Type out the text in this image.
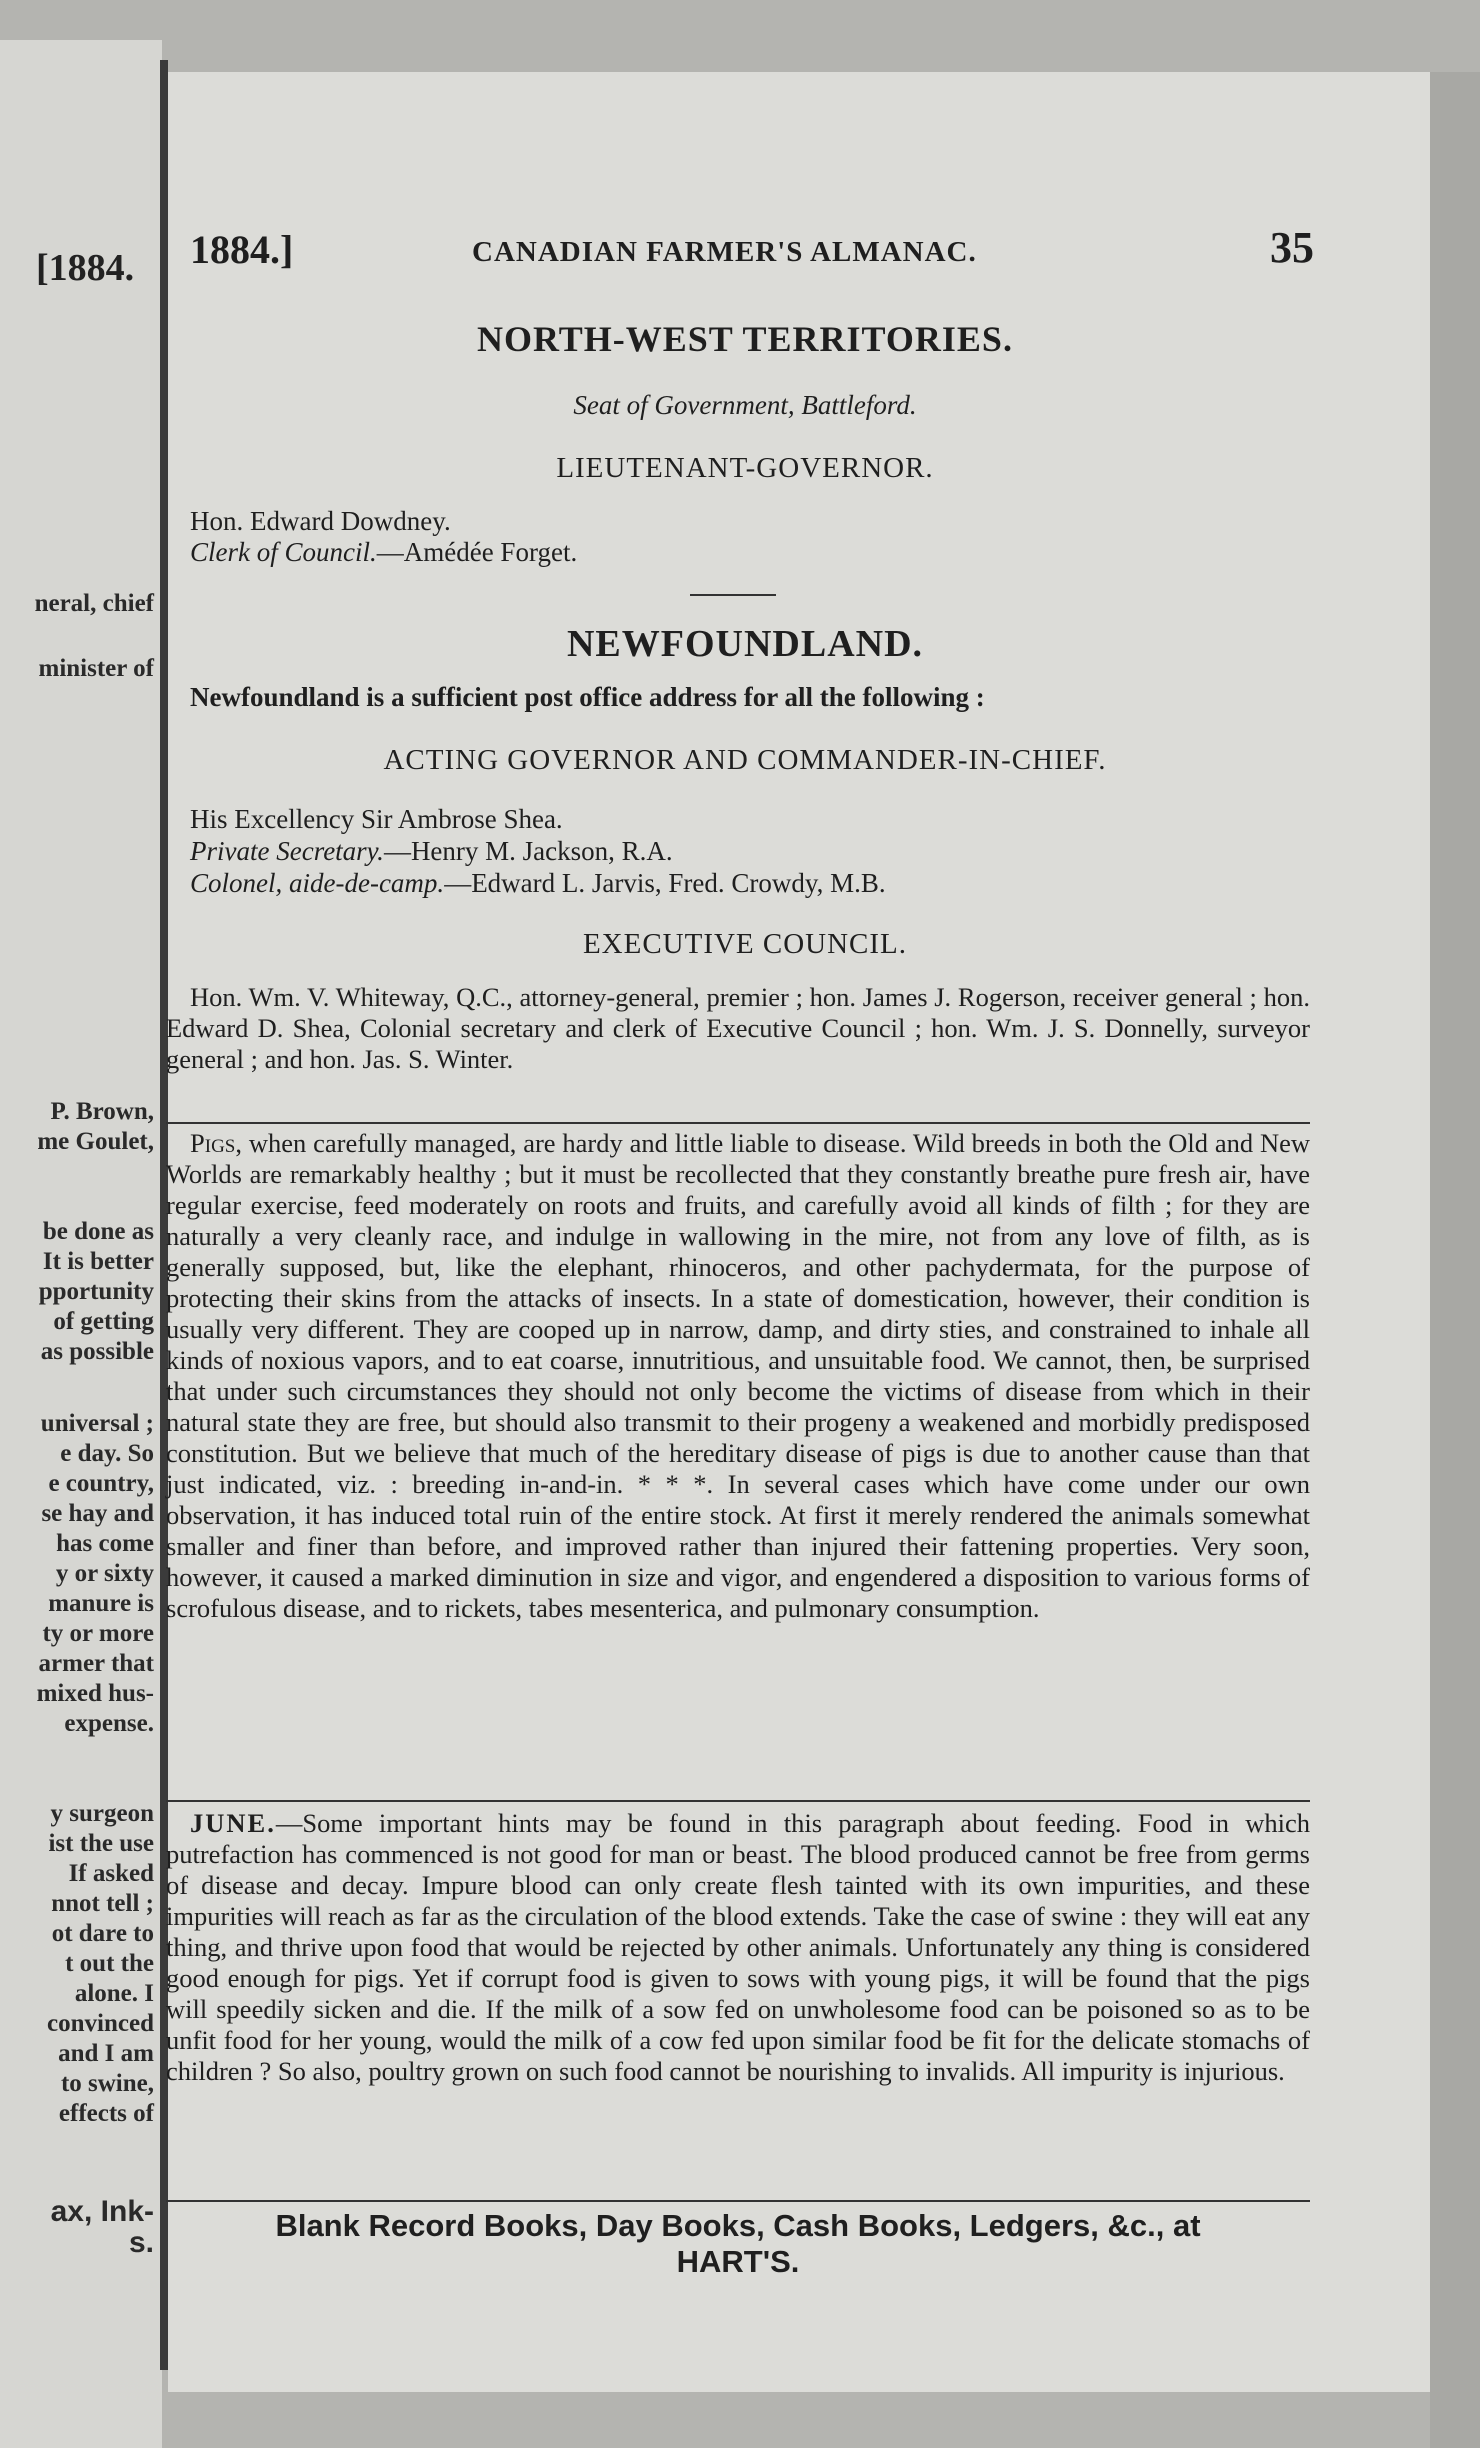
[1884.
neral, chief
minister of
P. Brown,
me Goulet,
be done as
It is better
pportunity
of getting
as possible
universal ;
e day. So
e country,
se hay and
has come
y or sixty
manure is
ty or more
armer that
mixed hus-
expense.
y surgeon
ist the use
If asked
nnot tell ;
ot dare to
t out the
alone. I
convinced
and I am
to swine,
effects of
ax, Ink-
s.
1884.]	CANADIAN FARMER'S ALMANAC.	35
NORTH-WEST TERRITORIES.
Seat of Government, Battleford.
LIEUTENANT-GOVERNOR.
Hon. Edward Dowdney.
Clerk of Council.—Amédée Forget.
NEWFOUNDLAND.
Newfoundland is a sufficient post office address for all the following :
ACTING GOVERNOR AND COMMANDER-IN-CHIEF.
His Excellency Sir Ambrose Shea.
Private Secretary.—Henry M. Jackson, R.A.
Colonel, aide-de-camp.—Edward L. Jarvis, Fred. Crowdy, M.B.
EXECUTIVE COUNCIL.
Hon. Wm. V. Whiteway, Q.C., attorney-general, premier ; hon. James J. Rogerson, receiver general ; hon. Edward D. Shea, Colonial secretary and clerk of Executive Council ; hon. Wm. J. S. Donnelly, surveyor general ; and hon. Jas. S. Winter.
Pigs, when carefully managed, are hardy and little liable to disease. Wild breeds in both the Old and New Worlds are remarkably healthy ; but it must be recollected that they constantly breathe pure fresh air, have regular exercise, feed moderately on roots and fruits, and carefully avoid all kinds of filth ; for they are naturally a very cleanly race, and indulge in wallowing in the mire, not from any love of filth, as is generally supposed, but, like the elephant, rhinoceros, and other pachydermata, for the purpose of protecting their skins from the attacks of insects. In a state of domestication, however, their condition is usually very different. They are cooped up in narrow, damp, and dirty sties, and constrained to inhale all kinds of noxious vapors, and to eat coarse, innutritious, and unsuitable food. We cannot, then, be surprised that under such circumstances they should not only become the victims of disease from which in their natural state they are free, but should also transmit to their progeny a weakened and morbidly predisposed constitution. But we believe that much of the hereditary disease of pigs is due to another cause than that just indicated, viz. : breeding in-and-in. * * *. In several cases which have come under our own observation, it has induced total ruin of the entire stock. At first it merely rendered the animals somewhat smaller and finer than before, and improved rather than injured their fattening properties. Very soon, however, it caused a marked diminution in size and vigor, and engendered a disposition to various forms of scrofulous disease, and to rickets, tabes mesenterica, and pulmonary consumption.
JUNE.—Some important hints may be found in this paragraph about feeding. Food in which putrefaction has commenced is not good for man or beast. The blood produced cannot be free from germs of disease and decay. Impure blood can only create flesh tainted with its own impurities, and these impurities will reach as far as the circulation of the blood extends. Take the case of swine : they will eat any thing, and thrive upon food that would be rejected by other animals. Unfortunately any thing is considered good enough for pigs. Yet if corrupt food is given to sows with young pigs, it will be found that the pigs will speedily sicken and die. If the milk of a sow fed on unwholesome food can be poisoned so as to be unfit food for her young, would the milk of a cow fed upon similar food be fit for the delicate stomachs of children ? So also, poultry grown on such food cannot be nourishing to invalids. All impurity is injurious.
Blank Record Books, Day Books, Cash Books, Ledgers, &c., at
HART'S.
